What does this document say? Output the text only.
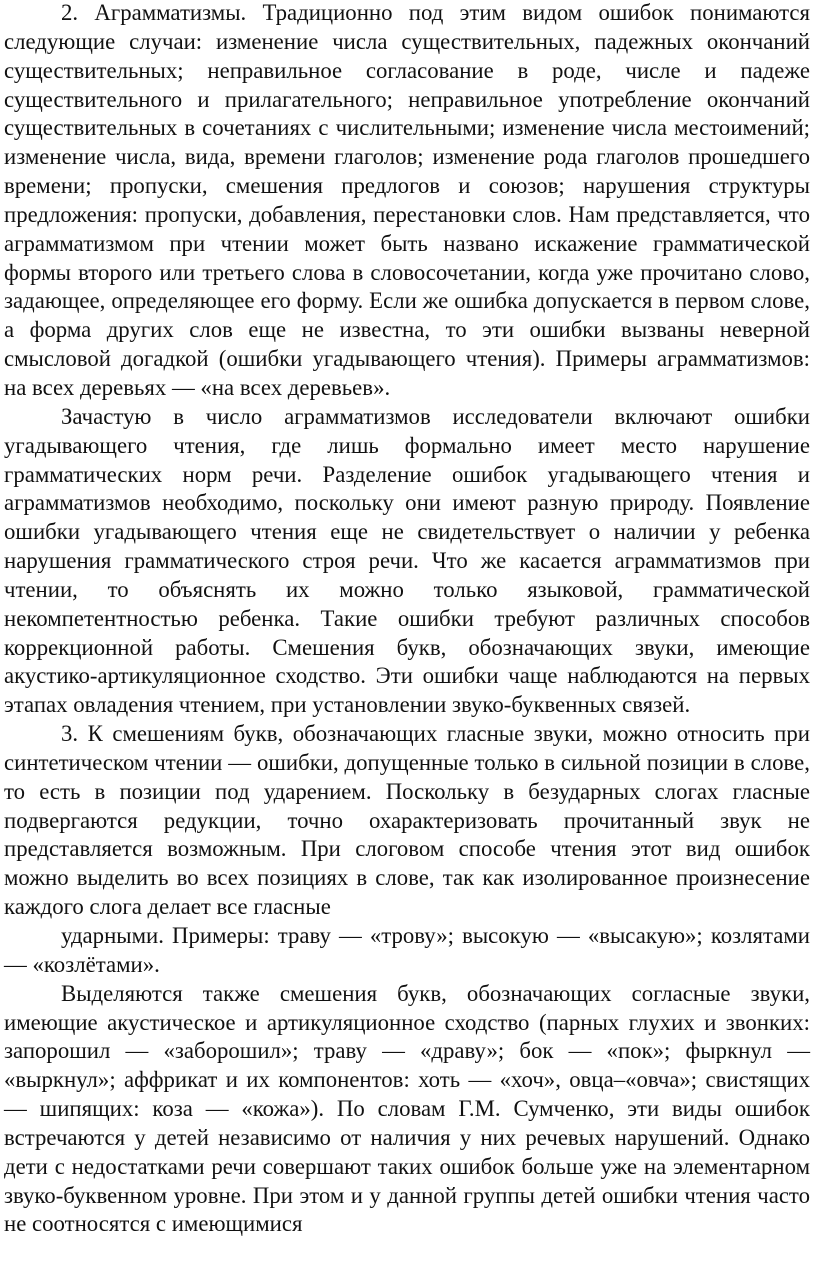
2. Аграмматизмы. Традиционно под этим видом ошибок понимаются следующие случаи: изменение числа существительных, падежных окончаний существительных; неправильное согласование в роде, числе и падеже существительного и прилагательного; неправильное употребление окончаний существительных в сочетаниях с числительными; изменение числа местоимений; изменение числа, вида, времени глаголов; изменение рода глаголов прошедшего времени; пропуски, смешения предлогов и союзов; нарушения структуры предложения: пропуски, добавления, перестановки слов. Нам представляется, что аграмматизмом при чтении может быть названо искажение грамматической формы второго или третьего слова в словосочетании, когда уже прочитано слово, задающее, определяющее его форму. Если же ошибка допускается в первом слове, а форма других слов еще не известна, то эти ошибки вызваны неверной смысловой догадкой (ошибки угадывающего чтения). Примеры аграмматизмов: на всех деревьях — «на всех деревьев».

Зачастую в число аграмматизмов исследователи включают ошибки угадывающего чтения, где лишь формально имеет место нарушение грамматических норм речи. Разделение ошибок угадывающего чтения и аграмматизмов необходимо, поскольку они имеют разную природу. Появление ошибки угадывающего чтения еще не свидетельствует о наличии у ребенка нарушения грамматического строя речи. Что же касается аграмматизмов при чтении, то объяснять их можно только языковой, грамматической некомпетентностью ребенка. Такие ошибки требуют различных способов коррекционной работы. Смешения букв, обозначающих звуки, имеющие акустико-артикуляционное сходство. Эти ошибки чаще наблюдаются на первых этапах овладения чтением, при установлении звуко-буквенных связей.

3. К смешениям букв, обозначающих гласные звуки, можно относить при синтетическом чтении — ошибки, допущенные только в сильной позиции в слове, то есть в позиции под ударением. Поскольку в безударных слогах гласные подвергаются редукции, точно охарактеризовать прочитанный звук не представляется возможным. При слоговом способе чтения этот вид ошибок можно выделить во всех позициях в слове, так как изолированное произнесение каждого слога делает все гласные

ударными. Примеры: траву — «трову»; высокую — «высакую»; козлятами — «козлётами».

Выделяются также смешения букв, обозначающих согласные звуки, имеющие акустическое и артикуляционное сходство (парных глухих и звонких: запорошил — «заборошил»; траву — «драву»; бок — «пок»; фыркнул — «выркнул»; аффрикат и их компонентов: хоть — «хоч», овца–«овча»; свистящих — шипящих: коза — «кожа»). По словам Г.М. Сумченко, эти виды ошибок встречаются у детей независимо от наличия у них речевых нарушений. Однако дети с недостатками речи совершают таких ошибок больше уже на элементарном звуко-буквенном уровне. При этом и у данной группы детей ошибки чтения часто не соотносятся с имеющимися
